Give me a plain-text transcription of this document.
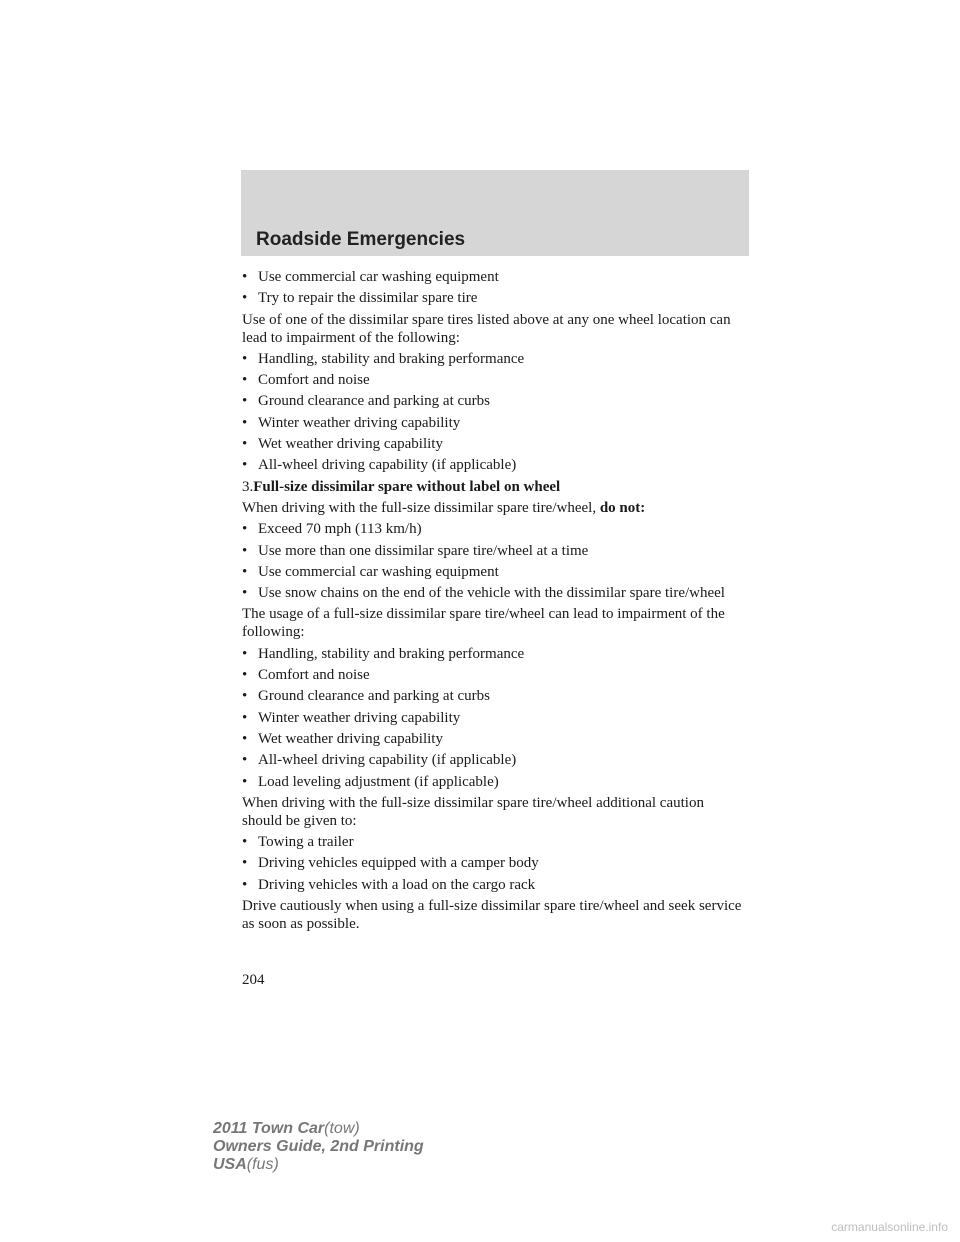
Roadside Emergencies
• Use commercial car washing equipment
• Try to repair the dissimilar spare tire
Use of one of the dissimilar spare tires listed above at any one wheel location can lead to impairment of the following:
• Handling, stability and braking performance
• Comfort and noise
• Ground clearance and parking at curbs
• Winter weather driving capability
• Wet weather driving capability
• All-wheel driving capability (if applicable)
3.Full-size dissimilar spare without label on wheel
When driving with the full-size dissimilar spare tire/wheel, do not:
• Exceed 70 mph (113 km/h)
• Use more than one dissimilar spare tire/wheel at a time
• Use commercial car washing equipment
• Use snow chains on the end of the vehicle with the dissimilar spare tire/wheel
The usage of a full-size dissimilar spare tire/wheel can lead to impairment of the following:
• Handling, stability and braking performance
• Comfort and noise
• Ground clearance and parking at curbs
• Winter weather driving capability
• Wet weather driving capability
• All-wheel driving capability (if applicable)
• Load leveling adjustment (if applicable)
When driving with the full-size dissimilar spare tire/wheel additional caution should be given to:
• Towing a trailer
• Driving vehicles equipped with a camper body
• Driving vehicles with a load on the cargo rack
Drive cautiously when using a full-size dissimilar spare tire/wheel and seek service as soon as possible.
204
2011 Town Car(tow)
Owners Guide, 2nd Printing
USA(fus)
carmanualsonline.info
